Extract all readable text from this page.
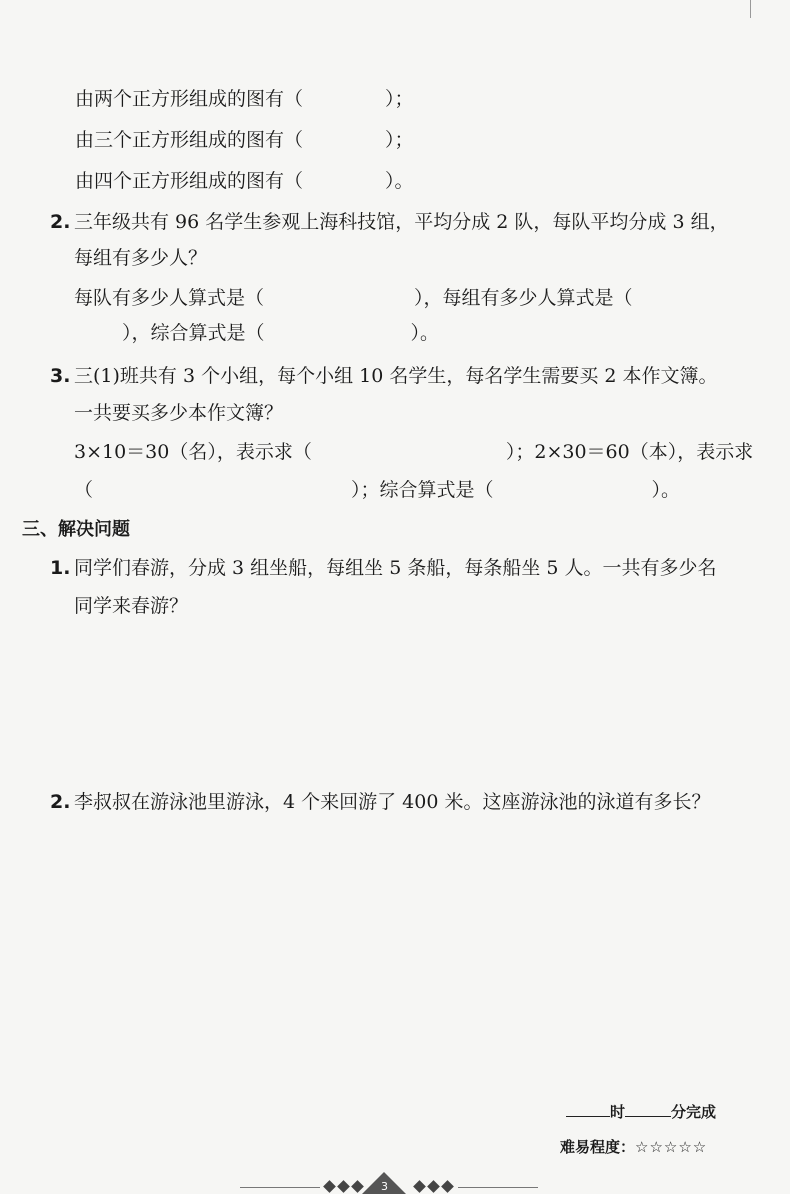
由两个正方形组成的图有（	）；
由三个正方形组成的图有（	）；
由四个正方形组成的图有（	）。
2. 三年级共有 96 名学生参观上海科技馆，平均分成 2 队，每队平均分成 3 组，
每组有多少人？
每队有多少人算式是（	），每组有多少人算式是（
），综合算式是（	）。
3. 三(1)班共有 3 个小组，每个小组 10 名学生，每名学生需要买 2 本作文簿。
一共要买多少本作文簿？
3×10＝30（名），表示求（	）；2×30＝60（本），表示求
（	）；综合算式是（	）。
三、解决问题
1. 同学们春游，分成 3 组坐船，每组坐 5 条船，每条船坐 5 人。一共有多少名
同学来春游？
2. 李叔叔在游泳池里游泳，4 个来回游了 400 米。这座游泳池的泳道有多长？
时	分完成
难易程度：☆☆☆☆☆
3
